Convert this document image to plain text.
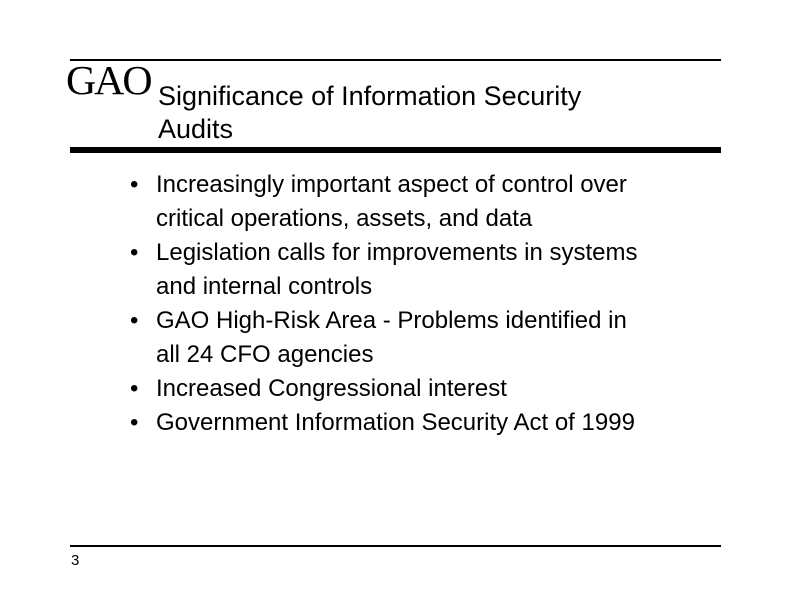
GAO Significance of Information Security
Audits
• Increasingly important aspect of control over
critical operations, assets, and data
• Legislation calls for improvements in systems
and internal controls
• GAO High-Risk Area - Problems identified in
all 24 CFO agencies
• Increased Congressional interest
• Government Information Security Act of 1999
3
